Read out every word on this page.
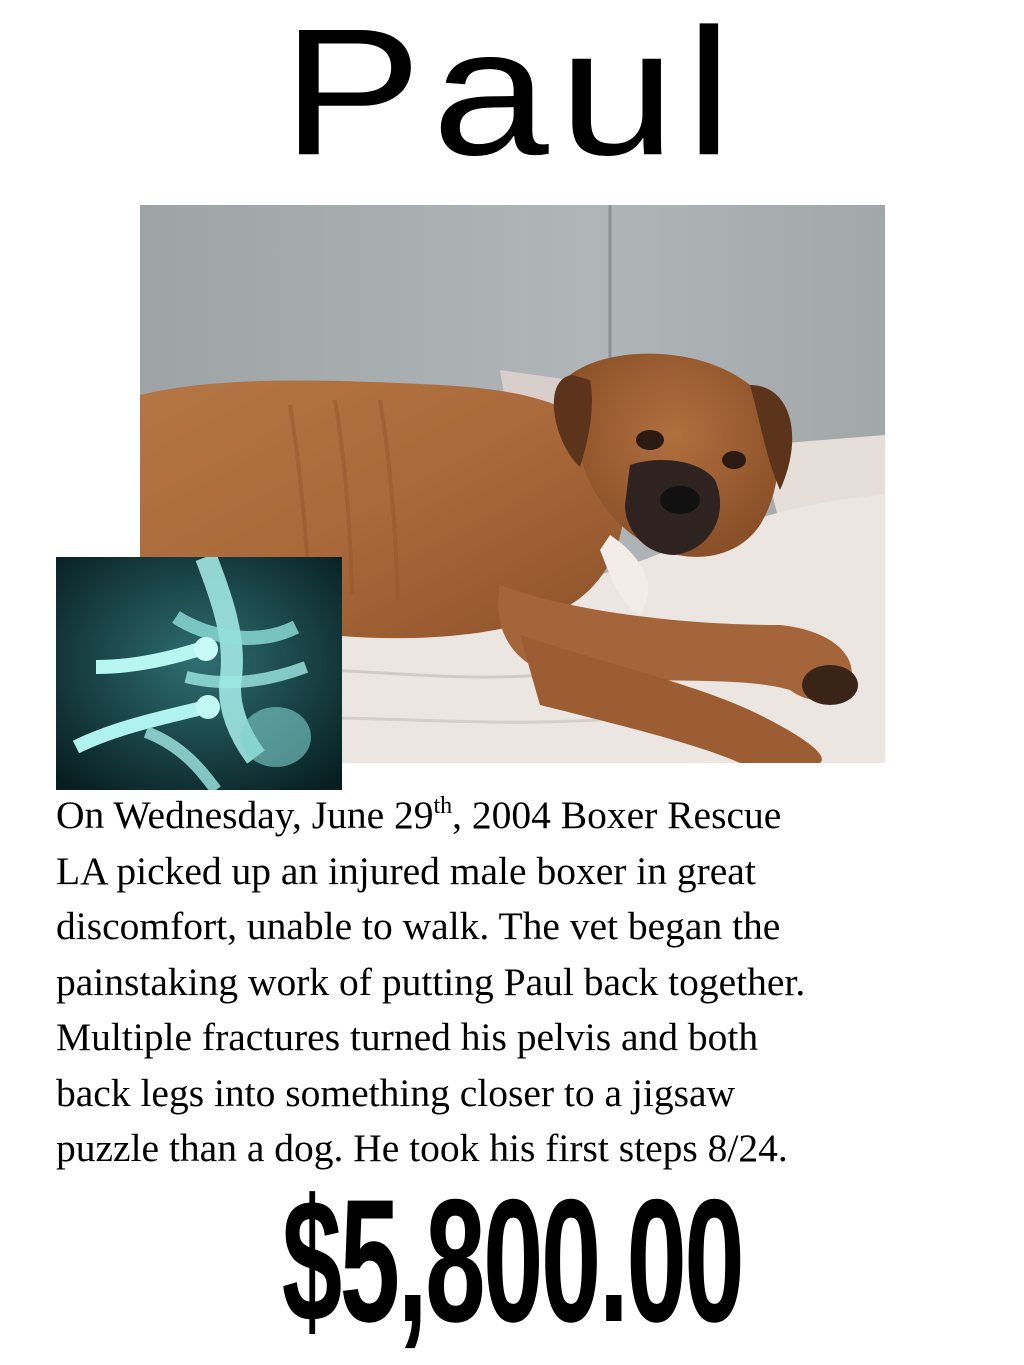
Paul

On Wednesday, June 29th, 2004 Boxer Rescue

LA picked up an injured male boxer in great

discomfort, unable to walk. The vet began the

painstaking work of putting Paul back together.

Multiple fractures turned his pelvis and both

back legs into something closer to a jigsaw

puzzle than a dog. He took his first steps 8/24.

$5,800.00
